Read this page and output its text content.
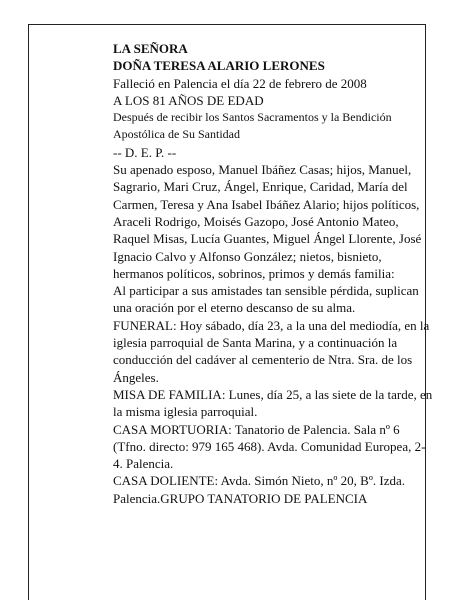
LA SEÑORA

DOÑA TERESA ALARIO LERONES

Falleció en Palencia el día 22 de febrero de 2008

A LOS 81 AÑOS DE EDAD

Después de recibir los Santos Sacramentos y la Bendición Apostólica de Su Santidad

-- D. E. P. --

Su apenado esposo, Manuel Ibáñez Casas; hijos, Manuel, Sagrario, Mari Cruz, Ángel, Enrique, Caridad, María del Carmen, Teresa y Ana Isabel Ibáñez Alario; hijos políticos, Araceli Rodrigo, Moisés Gazopo, José Antonio Mateo, Raquel Misas, Lucía Guantes, Miguel Ángel Llorente, José Ignacio Calvo y Alfonso González; nietos, bisnieto, hermanos políticos, sobrinos, primos y demás familia:

Al participar a sus amistades tan sensible pérdida, suplican una oración por el eterno descanso de su alma.

FUNERAL: Hoy sábado, día 23, a la una del mediodía, en la iglesia parroquial de Santa Marina, y a continuación la conducción del cadáver al cementerio de Ntra. Sra. de los Ángeles.

MISA DE FAMILIA: Lunes, día 25, a las siete de la tarde, en la misma iglesia parroquial.

CASA MORTUORIA: Tanatorio de Palencia. Sala nº 6 (Tfno. directo: 979 165 468). Avda. Comunidad Europea, 2-4. Palencia.

CASA DOLIENTE: Avda. Simón Nieto, nº 20, Bº. Izda. Palencia.GRUPO TANATORIO DE PALENCIA
